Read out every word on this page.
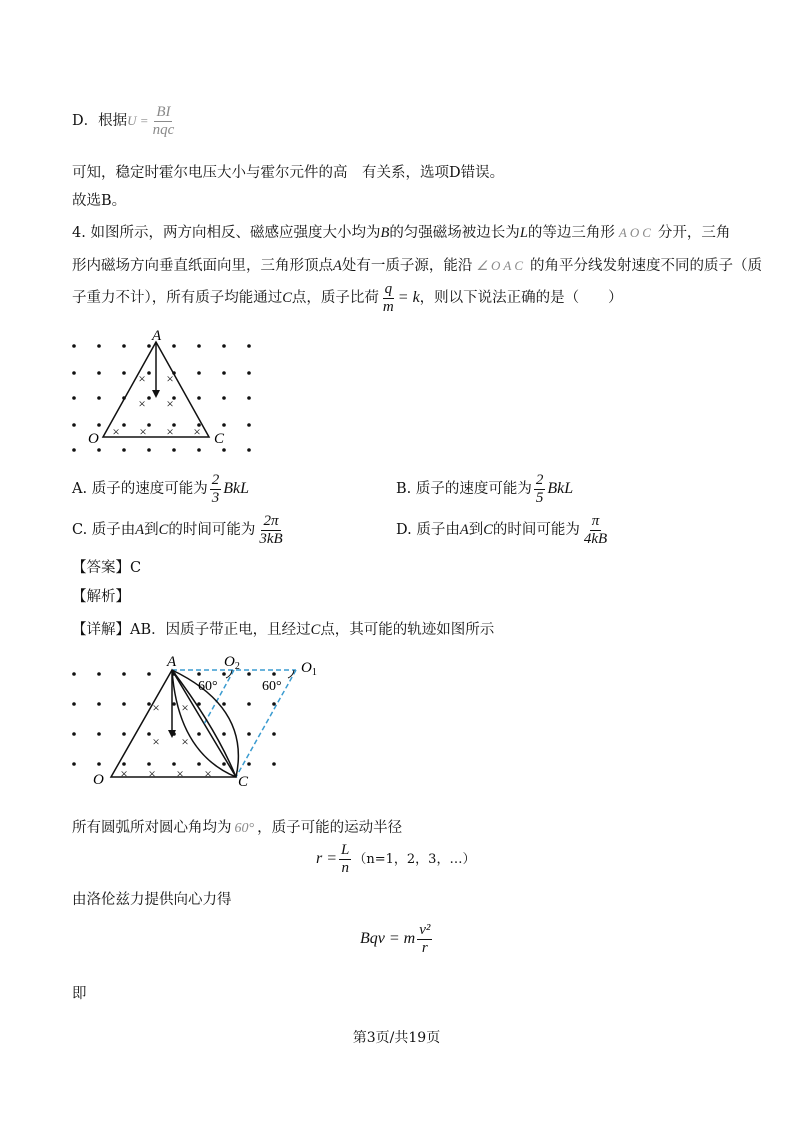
D．根据$U = \frac{BI}{\text{nqc}}$
可知，稳定时霍尔电压大小与霍尔元件的高　有关系，选项D错误。
故选B。
4. 如图所示，两方向相反、磁感应强度大小均为B的匀强磁场被边长为L的等边三角形 AOC 分开，三角
形内磁场方向垂直纸面向里，三角形顶点A处有一质子源，能沿 ∠OAC 的角平分线发射速度不同的质子（质
子重力不计），所有质子均能通过C点，质子比荷 $\frac{q}{m} = k$，则以下说法正确的是（　　）
× ×
× ×
× × × ×
A
O	C
A. 质子的速度可能为 $\frac{2}{3}$ BkL	B. 质子的速度可能为 $\frac{2}{5}$ BkL
C. 质子由A到C的时间可能为 $\frac{2\pi}{3kB}$	D. 质子由A到C的时间可能为 $\frac{\pi}{4kB}$
【答案】C
【解析】
【详解】AB．因质子带正电，且经过C点，其可能的轨迹如图所示
× ×
× ×
× × × ×
A
O	C
$O_2$	$O_1$
60°	60°
所有圆弧所对圆心角均为 60° ，质子可能的运动半径
$r = \frac{L}{n} (n=1$，2，3，…）
由洛伦兹力提供向心力得
Bqv = m $\frac{\text{v²}}{r}$
即
第3页/共19页
